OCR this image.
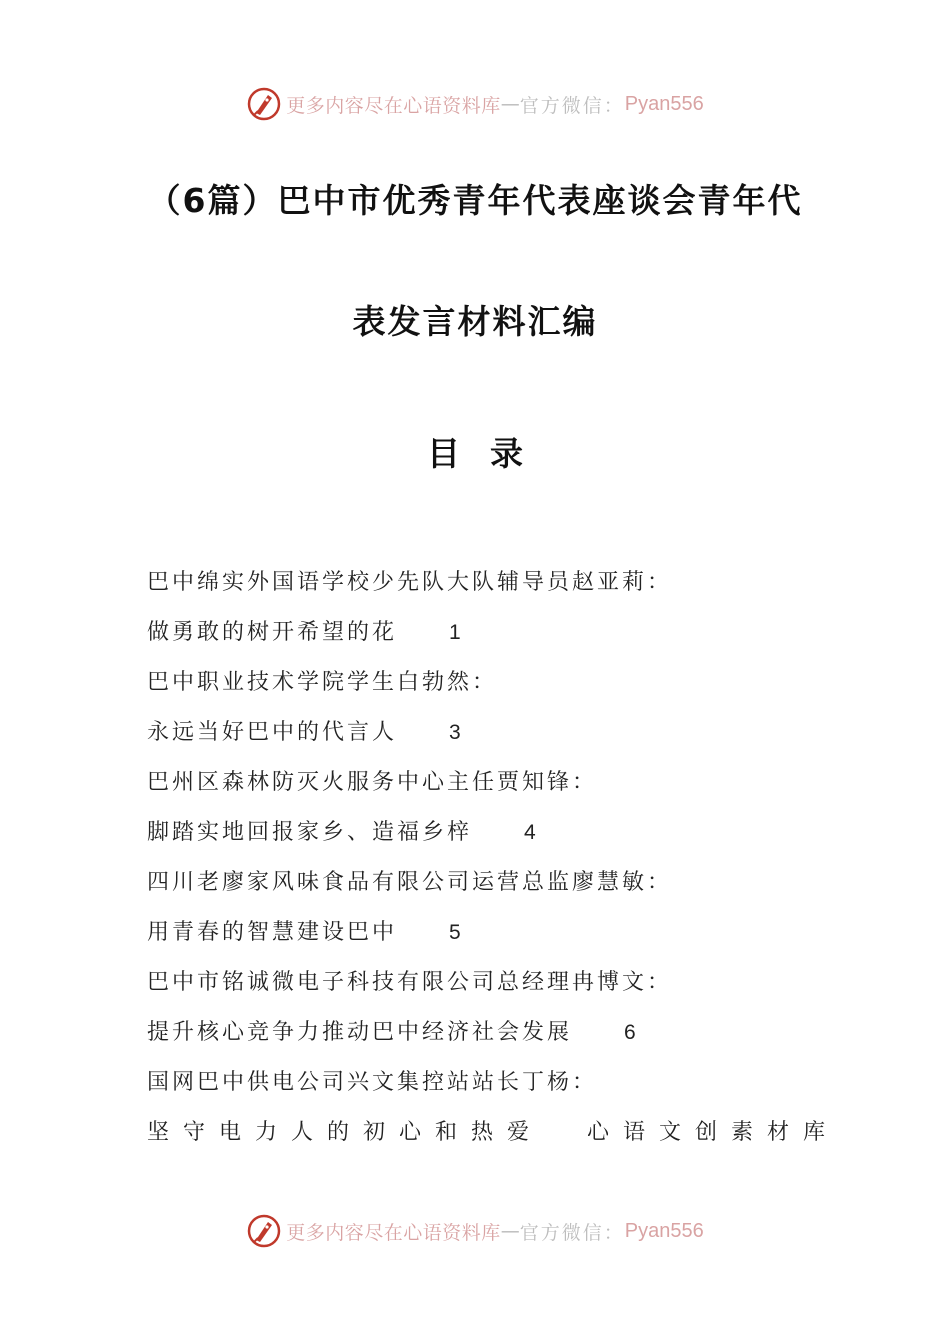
更多内容尽在心语资料库 — 官方微信： Pyan556
（6篇）巴中市优秀青年代表座谈会青年代
表发言材料汇编
目录
巴中绵实外国语学校少先队大队辅导员赵亚莉：
做勇敢的树开希望的花 1
巴中职业技术学院学生白勃然：
永远当好巴中的代言人 3
巴州区森林防灭火服务中心主任贾知锋：
脚踏实地回报家乡、造福乡梓 4
四川老廖家风味食品有限公司运营总监廖慧敏：
用青春的智慧建设巴中 5
巴中市铭诚微电子科技有限公司总经理冉博文：
提升核心竞争力推动巴中经济社会发展 6
国网巴中供电公司兴文集控站站长丁杨：
坚守电力人的初心和热爱 心语文创素材库
更多内容尽在心语资料库 — 官方微信： Pyan556
